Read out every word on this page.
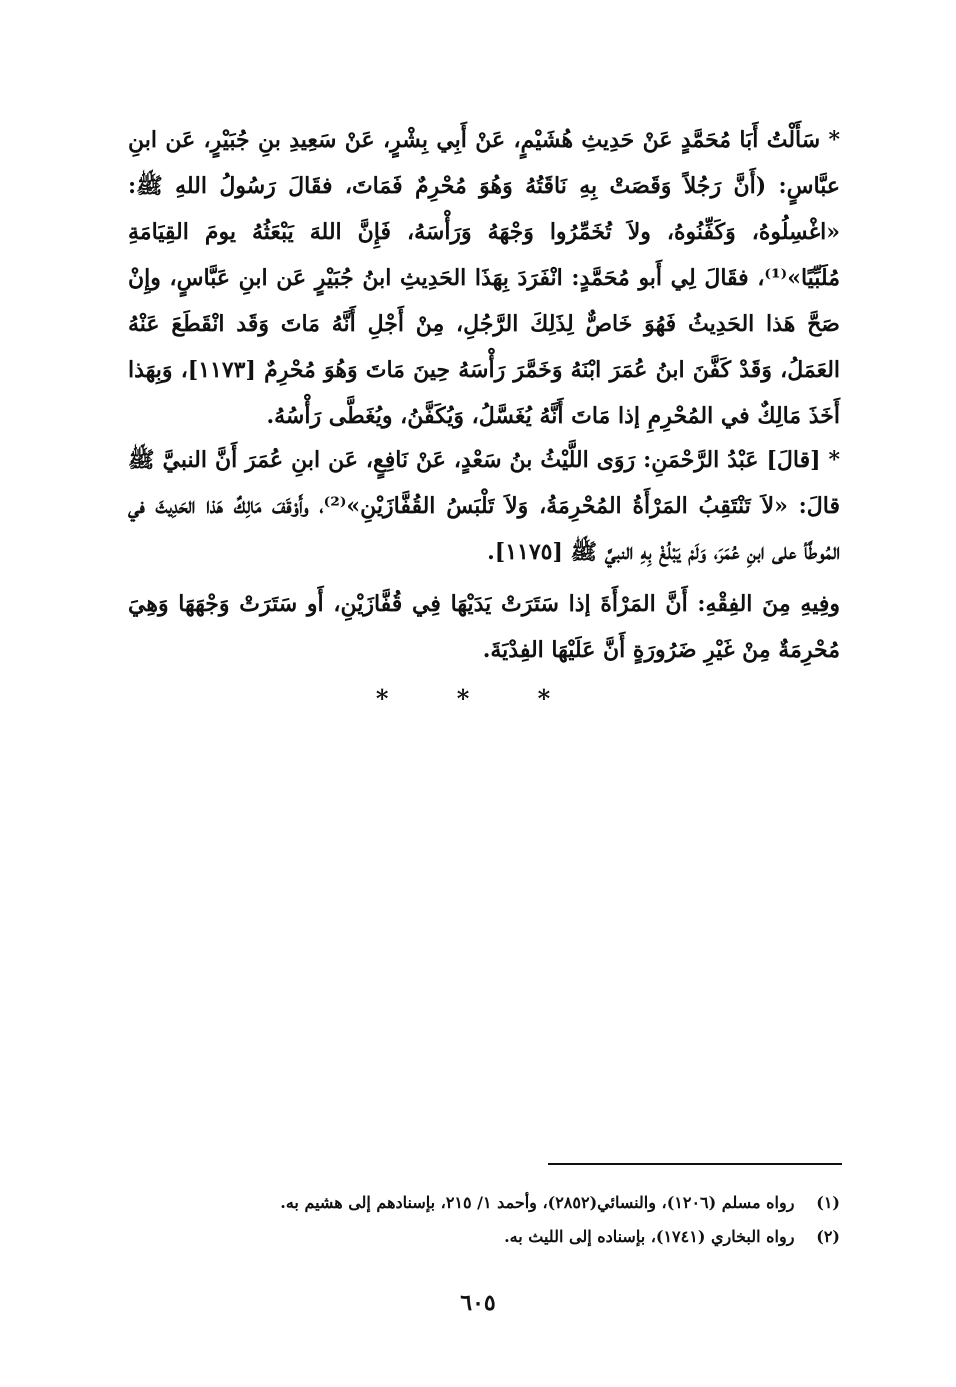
* سَأَلْتُ أَبَا مُحَمَّدٍ عَنْ حَدِيثِ هُشَيْمٍ، عَنْ أَبِي بِشْرٍ، عَنْ سَعِيدِ بنِ جُبَيْرٍ، عَن ابنِ عبَّاسٍ: (أَنَّ رَجُلاً وَقَصَتْ بِهِ نَاقَتُهُ وَهُوَ مُحْرِمٌ فَمَاتَ، فقَالَ رَسُولُ اللهِ ﷺ: «اغْسِلُوهُ، وَكَفِّنُوهُ، ولاَ تُخَمِّرُوا وَجْهَهُ وَرَأْسَهُ، فَإِنَّ اللهَ يَبْعَثُهُ يومَ القِيَامَةِ مُلَبِّيًا»⁽¹⁾، فقَالَ لِي أَبو مُحَمَّدٍ: انْفَرَدَ بِهَذَا الحَدِيثِ ابنُ جُبَيْرٍ عَن ابنِ عَبَّاسٍ، وإِنْ صَحَّ هَذا الحَدِيثُ فَهُوَ خَاصٌّ لِذَلِكَ الرَّجُلِ، مِنْ أَجْلِ أَنَّهُ مَاتَ وَقَد انْقَطَعَ عَنْهُ العَمَلُ، وَقَدْ كَفَّنَ ابنُ عُمَرَ ابْنَهُ وَخَمَّرَ رَأْسَهُ حِينَ مَاتَ وَهُوَ مُحْرِمٌ [١١٧٣]، وَبِهَذا أَخَذَ مَالِكٌ في المُحْرِمِ إذا مَاتَ أَنَّهُ يُغَسَّلُ، وَيُكَفَّنُ، ويُغَطَّى رَأْسُهُ.

* [قالَ] عَبْدُ الرَّحْمَنِ: رَوَى اللَّيْثُ بنُ سَعْدٍ، عَنْ نَافِعٍ، عَن ابنِ عُمَرَ أَنَّ النبيَّ ﷺ قالَ: «لاَ تَنْتَقِبُ المَرْأَةُ المُحْرِمَةُ، وَلاَ تَلْبَسُ القُفَّازَيْنِ»⁽²⁾، وأَوْقَفَ مَالِكٌ هَذا الحَدِيثَ في المُوطَّأ على ابنِ عُمَرَ، وَلَمْ يَبْلُغْ بِهِ النبيَّ ﷺ [١١٧٥].

وفِيهِ مِنَ الفِقْهِ: أَنَّ المَرْأَةَ إذا سَتَرَتْ يَدَيْهَا فِي قُفَّازَيْنِ، أَو سَتَرَتْ وَجْهَهَا وَهِيَ مُحْرِمَةٌ مِنْ غَيْرِ ضَرُورَةٍ أَنَّ عَلَيْهَا الفِدْيَةَ.

* * *
(١) رواه مسلم (١٢٠٦)، والنسائي(٢٨٥٢)، وأحمد ١/ ٢١٥، بإسنادهم إلى هشيم به.
(٢) رواه البخاري (١٧٤١)، بإسناده إلى الليث به.
٦٠٥
